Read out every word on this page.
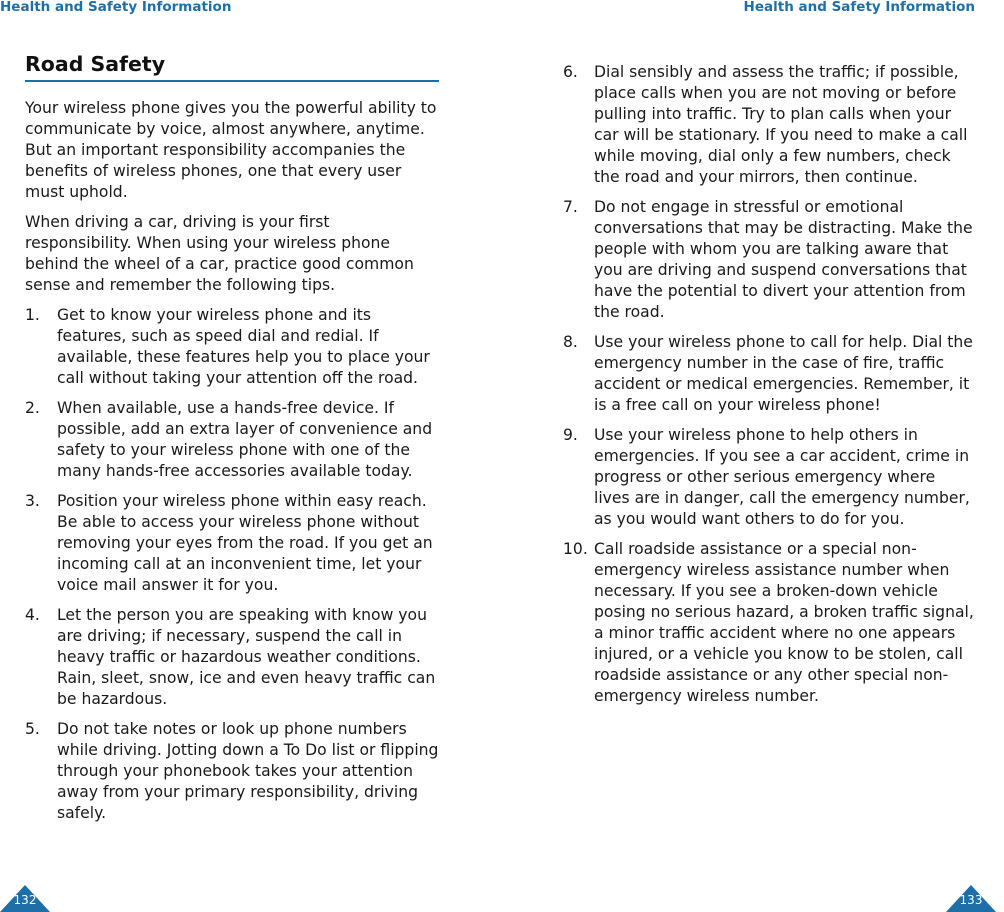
Health and Safety Information	Health and Safety Information
Road Safety

Your wireless phone gives you the powerful ability to communicate by voice, almost anywhere, anytime. But an important responsibility accompanies the benefits of wireless phones, one that every user must uphold.

When driving a car, driving is your first responsibility. When using your wireless phone behind the wheel of a car, practice good common sense and remember the following tips.

1.	Get to know your wireless phone and its features, such as speed dial and redial. If available, these features help you to place your call without taking your attention off the road.
2.	When available, use a hands-free device. If possible, add an extra layer of convenience and safety to your wireless phone with one of the many hands-free accessories available today.
3.	Position your wireless phone within easy reach. Be able to access your wireless phone without removing your eyes from the road. If you get an incoming call at an inconvenient time, let your voice mail answer it for you.
4.	Let the person you are speaking with know you are driving; if necessary, suspend the call in heavy traffic or hazardous weather conditions. Rain, sleet, snow, ice and even heavy traffic can be hazardous.
5.	Do not take notes or look up phone numbers while driving. Jotting down a To Do list or flipping through your phonebook takes your attention away from your primary responsibility, driving safely.
6.	Dial sensibly and assess the traffic; if possible, place calls when you are not moving or before pulling into traffic. Try to plan calls when your car will be stationary. If you need to make a call while moving, dial only a few numbers, check the road and your mirrors, then continue.
7.	Do not engage in stressful or emotional conversations that may be distracting. Make the people with whom you are talking aware that you are driving and suspend conversations that have the potential to divert your attention from the road.
8.	Use your wireless phone to call for help. Dial the emergency number in the case of fire, traffic accident or medical emergencies. Remember, it is a free call on your wireless phone!
9.	Use your wireless phone to help others in emergencies. If you see a car accident, crime in progress or other serious emergency where lives are in danger, call the emergency number, as you would want others to do for you.
10. Call roadside assistance or a special non-emergency wireless assistance number when necessary. If you see a broken-down vehicle posing no serious hazard, a broken traffic signal, a minor traffic accident where no one appears injured, or a vehicle you know to be stolen, call roadside assistance or any other special non-emergency wireless number.
132	133
